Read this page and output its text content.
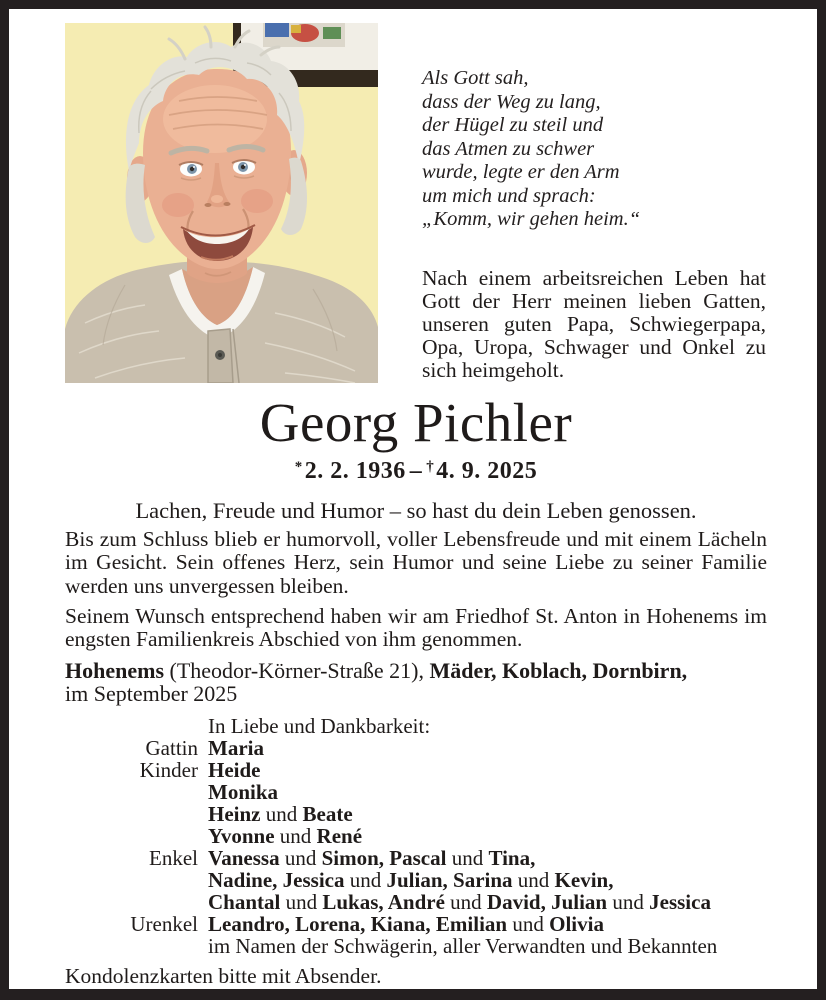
Als Gott sah,
dass der Weg zu lang,
der Hügel zu steil und
das Atmen zu schwer
wurde, legte er den Arm
um mich und sprach:
„Komm, wir gehen heim.“

Nach einem arbeitsreichen Leben hat Gott der Herr meinen lieben Gatten, unseren guten Papa, Schwiegerpapa, Opa, Uropa, Schwager und Onkel zu sich heimgeholt.

Georg Pichler
*2. 2. 1936 – †4. 9. 2025

Lachen, Freude und Humor – so hast du dein Leben genossen.

Bis zum Schluss blieb er humorvoll, voller Lebensfreude und mit einem Lächeln im Gesicht. Sein offenes Herz, sein Humor und seine Liebe zu seiner Familie werden uns unvergessen bleiben.

Seinem Wunsch entsprechend haben wir am Friedhof St. Anton in Hohenems im engsten Familienkreis Abschied von ihm genommen.

Hohenems (Theodor-Körner-Straße 21), Mäder, Koblach, Dornbirn,

im September 2025

In Liebe und Dankbarkeit:
Gattin Maria
Kinder Heide
Monika
Heinz und Beate
Yvonne und René
Enkel Vanessa und Simon, Pascal und Tina,
Nadine, Jessica und Julian, Sarina und Kevin,
Chantal und Lukas, André und David, Julian und Jessica
Urenkel Leandro, Lorena, Kiana, Emilian und Olivia
im Namen der Schwägerin, aller Verwandten und Bekannten

Kondolenzkarten bitte mit Absender.
